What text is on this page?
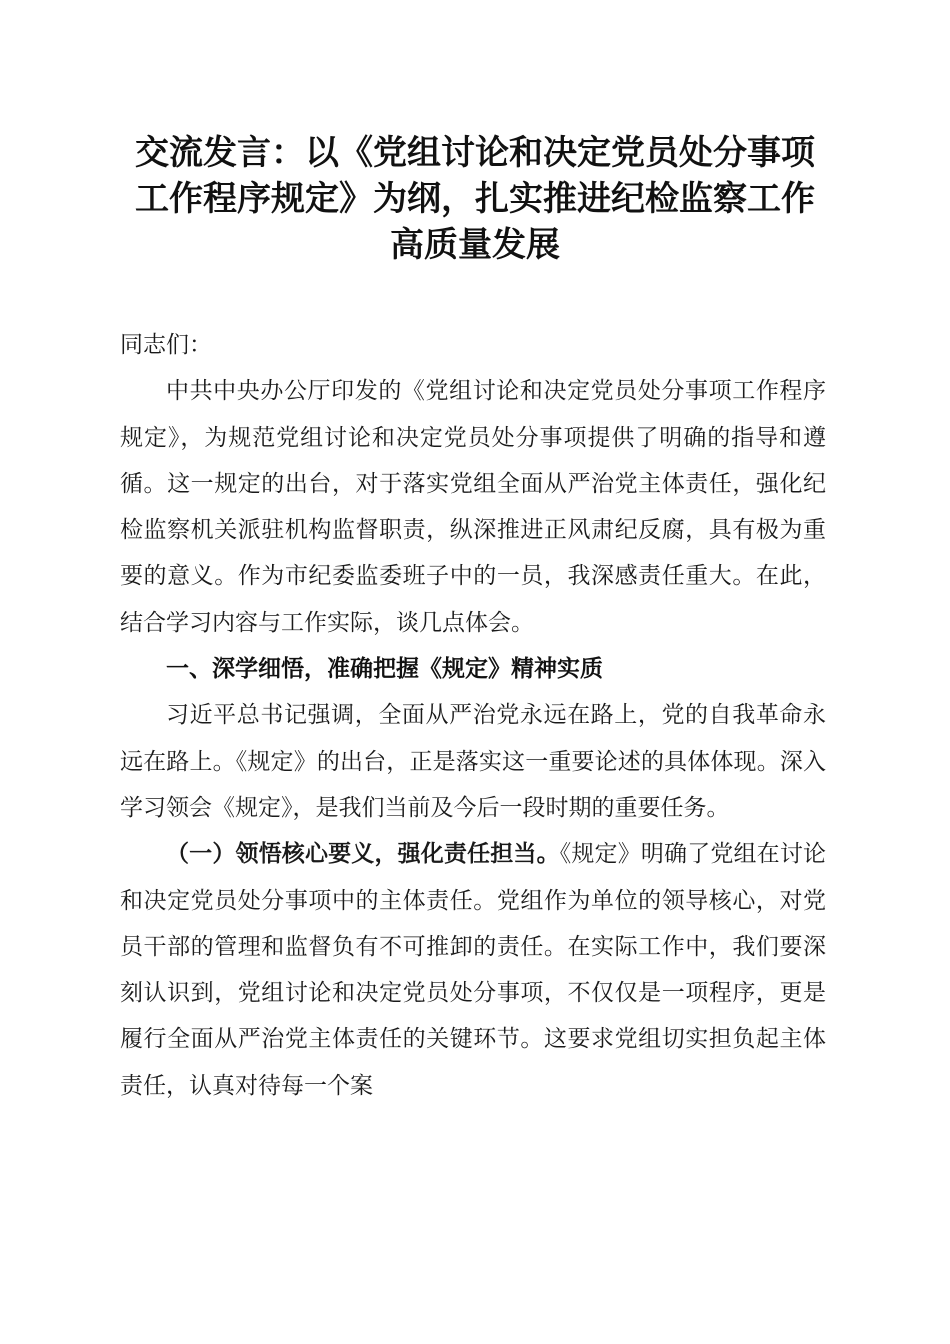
交流发言：以《党组讨论和决定党员处分事项
工作程序规定》为纲，扎实推进纪检监察工作
高质量发展

同志们：

中共中央办公厅印发的《党组讨论和决定党员处分事项工作程序规定》，为规范党组讨论和决定党员处分事项提供了明确的指导和遵循。这一规定的出台，对于落实党组全面从严治党主体责任，强化纪检监察机关派驻机构监督职责，纵深推进正风肃纪反腐，具有极为重要的意义。作为市纪委监委班子中的一员，我深感责任重大。在此，结合学习内容与工作实际，谈几点体会。

一、深学细悟，准确把握《规定》精神实质

习近平总书记强调，全面从严治党永远在路上，党的自我革命永远在路上。《规定》的出台，正是落实这一重要论述的具体体现。深入学习领会《规定》，是我们当前及今后一段时期的重要任务。

（一）领悟核心要义，强化责任担当。《规定》明确了党组在讨论和决定党员处分事项中的主体责任。党组作为单位的领导核心，对党员干部的管理和监督负有不可推卸的责任。在实际工作中，我们要深刻认识到，党组讨论和决定党员处分事项，不仅仅是一项程序，更是履行全面从严治党主体责任的关键环节。这要求党组切实担负起主体责任，认真对待每一个案
